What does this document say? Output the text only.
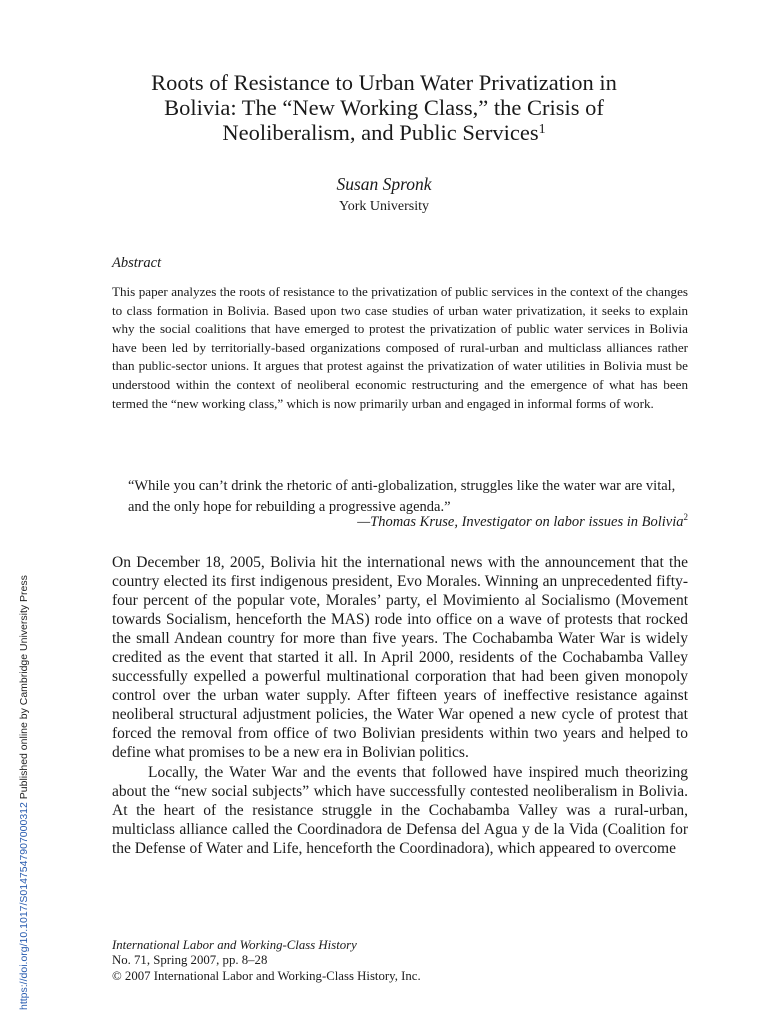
Roots of Resistance to Urban Water Privatization in
Bolivia: The “New Working Class,” the Crisis of
Neoliberalism, and Public Services$^1$
Susan Spronk
York University
Abstract
This paper analyzes the roots of resistance to the privatization of public services in the context of the changes to class formation in Bolivia. Based upon two case studies of urban water privatization, it seeks to explain why the social coalitions that have emerged to protest the privatization of public water services in Bolivia have been led by territorially-based organizations composed of rural-urban and multiclass alliances rather than public-sector unions. It argues that protest against the privatization of water utilities in Bolivia must be understood within the context of neoliberal economic restructuring and the emergence of what has been termed the “new working class,” which is now primarily urban and engaged in informal forms of work.
“While you can’t drink the rhetoric of anti-globalization, struggles like the water war are vital, and the only hope for rebuilding a progressive agenda.”
—Thomas Kruse, Investigator on labor issues in Bolivia$^2$

On December 18, 2005, Bolivia hit the international news with the announcement that the country elected its first indigenous president, Evo Morales. Winning an unprecedented fifty-four percent of the popular vote, Morales’ party, el Movimiento al Socialismo (Movement towards Socialism, henceforth the MAS) rode into office on a wave of protests that rocked the small Andean country for more than five years. The Cochabamba Water War is widely credited as the event that started it all. In April 2000, residents of the Cochabamba Valley successfully expelled a powerful multinational corporation that had been given monopoly control over the urban water supply. After fifteen years of ineffective resistance against neoliberal structural adjustment policies, the Water War opened a new cycle of protest that forced the removal from office of two Bolivian presidents within two years and helped to define what promises to be a new era in Bolivian politics.

Locally, the Water War and the events that followed have inspired much theorizing about the “new social subjects” which have successfully contested neoliberalism in Bolivia. At the heart of the resistance struggle in the Cochabamba Valley was a rural-urban, multiclass alliance called the Coordinadora de Defensa del Agua y de la Vida (Coalition for the Defense of Water and Life, henceforth the Coordinadora), which appeared to overcome

International Labor and Working-Class History
No. 71, Spring 2007, pp. 8–28
© 2007 International Labor and Working-Class History, Inc.
https://doi.org/10.1017/S0147547907000312 Published online by Cambridge University Press
